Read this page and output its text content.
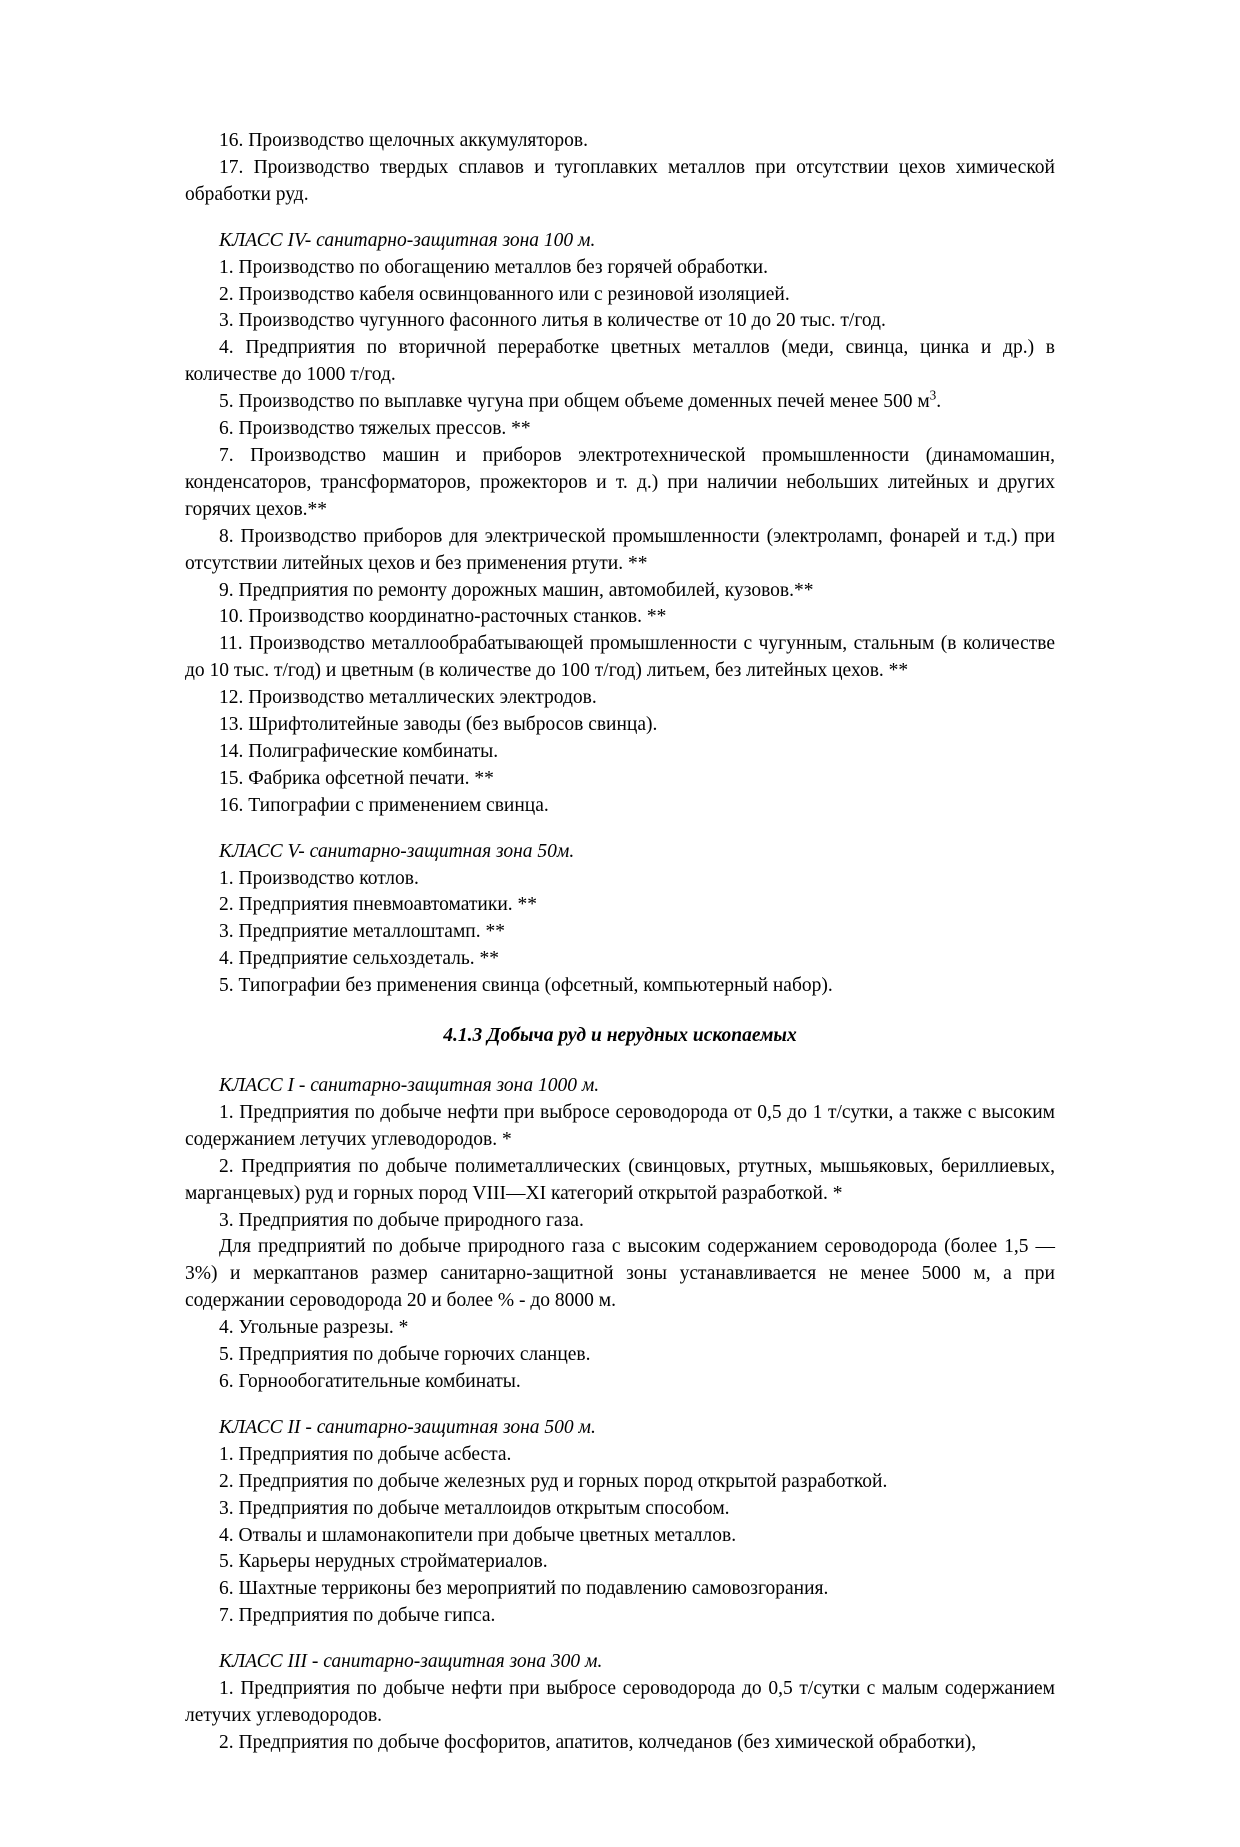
16. Производство щелочных аккумуляторов.

17. Производство твердых сплавов и тугоплавких металлов при отсутствии цехов химической обработки руд.

КЛАСС IV- санитарно-защитная зона 100 м.

1. Производство по обогащению металлов без горячей обработки.

2. Производство кабеля освинцованного или с резиновой изоляцией.

3. Производство чугунного фасонного литья в количестве от 10 до 20 тыс. т/год.

4. Предприятия по вторичной переработке цветных металлов (меди, свинца, цинка и др.) в количестве до 1000 т/год.

5. Производство по выплавке чугуна при общем объеме доменных печей менее 500 $м^3$.

6. Производство тяжелых прессов. **

7. Производство машин и приборов электротехнической промышленности (динамомашин, конденсаторов, трансформаторов, прожекторов и т. д.) при наличии небольших литейных и других горячих цехов.**

8. Производство приборов для электрической промышленности (электроламп, фонарей и т.д.) при отсутствии литейных цехов и без применения ртути. **

9. Предприятия по ремонту дорожных машин, автомобилей, кузовов.**

10. Производство координатно-расточных станков. **

11. Производство металлообрабатывающей промышленности с чугунным, стальным (в количестве до 10 тыс. т/год) и цветным (в количестве до 100 т/год) литьем, без литейных цехов. **

12. Производство металлических электродов.

13. Шрифтолитейные заводы (без выбросов свинца).

14. Полиграфические комбинаты.

15. Фабрика офсетной печати. **

16. Типографии с применением свинца.

КЛАСС V- санитарно-защитная зона 50м.

1. Производство котлов.

2. Предприятия пневмоавтоматики. **

3. Предприятие металлоштамп. **

4. Предприятие сельхоздеталь. **

5. Типографии без применения свинца (офсетный, компьютерный набор).

4.1.3 Добыча руд и нерудных ископаемых

КЛАСС I - санитарно-защитная зона 1000 м.

1. Предприятия по добыче нефти при выбросе сероводорода от 0,5 до 1 т/сутки, а также с высоким содержанием летучих углеводородов. *

2. Предприятия по добыче полиметаллических (свинцовых, ртутных, мышьяковых, бериллиевых, марганцевых) руд и горных пород VIII—XI категорий открытой разработкой. *

3. Предприятия по добыче природного газа.

Для предприятий по добыче природного газа с высоким содержанием сероводорода (более 1,5 —3%) и меркаптанов размер санитарно-защитной зоны устанавливается не менее 5000 м, а при содержании сероводорода 20 и более % - до 8000 м.

4. Угольные разрезы. *

5. Предприятия по добыче горючих сланцев.

6. Горнообогатительные комбинаты.

КЛАСС II - санитарно-защитная зона 500 м.

1. Предприятия по добыче асбеста.

2. Предприятия по добыче железных руд и горных пород открытой разработкой.

3. Предприятия по добыче металлоидов открытым способом.

4. Отвалы и шламонакопители при добыче цветных металлов.

5. Карьеры нерудных стройматериалов.

6. Шахтные терриконы без мероприятий по подавлению самовозгорания.

7. Предприятия по добыче гипса.

КЛАСС III - санитарно-защитная зона 300 м.

1. Предприятия по добыче нефти при выбросе сероводорода до 0,5 т/сутки с малым содержанием летучих углеводородов.

2. Предприятия по добыче фосфоритов, апатитов, колчеданов (без химической обработки),
